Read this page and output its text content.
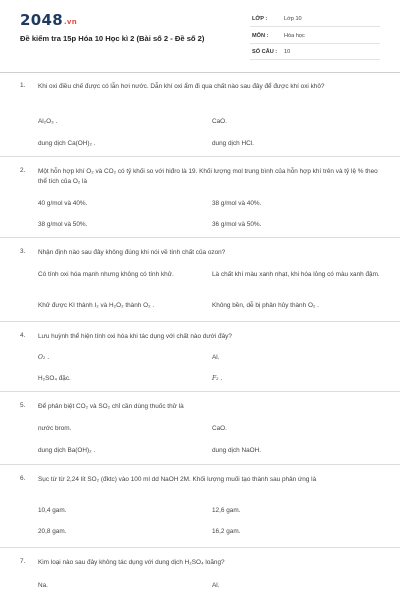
2048.vn
Đề kiểm tra 15p Hóa 10 Học kì 2 (Bài số 2 - Đề số 2)
LỚP :	Lớp 10
MÔN :	Hóa học
SỐ CÂU : 10
1. Khi oxi điều chế được có lẫn hơi nước. Dẫn khí oxi ẩm đi qua chất nào sau đây để được khí oxi khô?
Al₂O₃ .	CaO.
dung dịch Ca(OH)₂ .	dung dịch HCl.
2. Một hỗn hợp khí O₂ và CO₂ có tỷ khối so với hiđro là 19. Khối lượng mol trung bình của hỗn hợp khí trên và tỷ lệ % theo thể tích của O₂ là
40 g/mol và 40%.	38 g/mol và 40%.
38 g/mol và 50%.	36 g/mol và 50%.
3. Nhận định nào sau đây không đúng khi nói về tính chất của ozon?
Có tính oxi hóa mạnh nhưng không có tính khử.	Là chất khí màu xanh nhạt, khi hóa lỏng có màu xanh đậm.
Khử được KI thành I₂ và H₂O₂ thành O₂ .	Không bền, dễ bị phân hủy thành O₂ .
4. Lưu huỳnh thể hiện tính oxi hóa khi tác dụng với chất nào dưới đây?
O₂ .	Al.
H₂SO₄ đặc.	F₂ .
5. Để phân biệt CO₂ và SO₂ chỉ cần dùng thuốc thử là
nước brom.	CaO.
dung dịch Ba(OH)₂ .	dung dịch NaOH.
6. Sục từ từ 2,24 lít SO₂ (đktc) vào 100 ml dd NaOH 2M. Khối lượng muối tạo thành sau phản ứng là
10,4 gam.	12,6 gam.
20,8 gam.	16,2 gam.
7. Kim loại nào sau đây không tác dụng với dung dịch H₂SO₄ loãng?
Na.	Al.
